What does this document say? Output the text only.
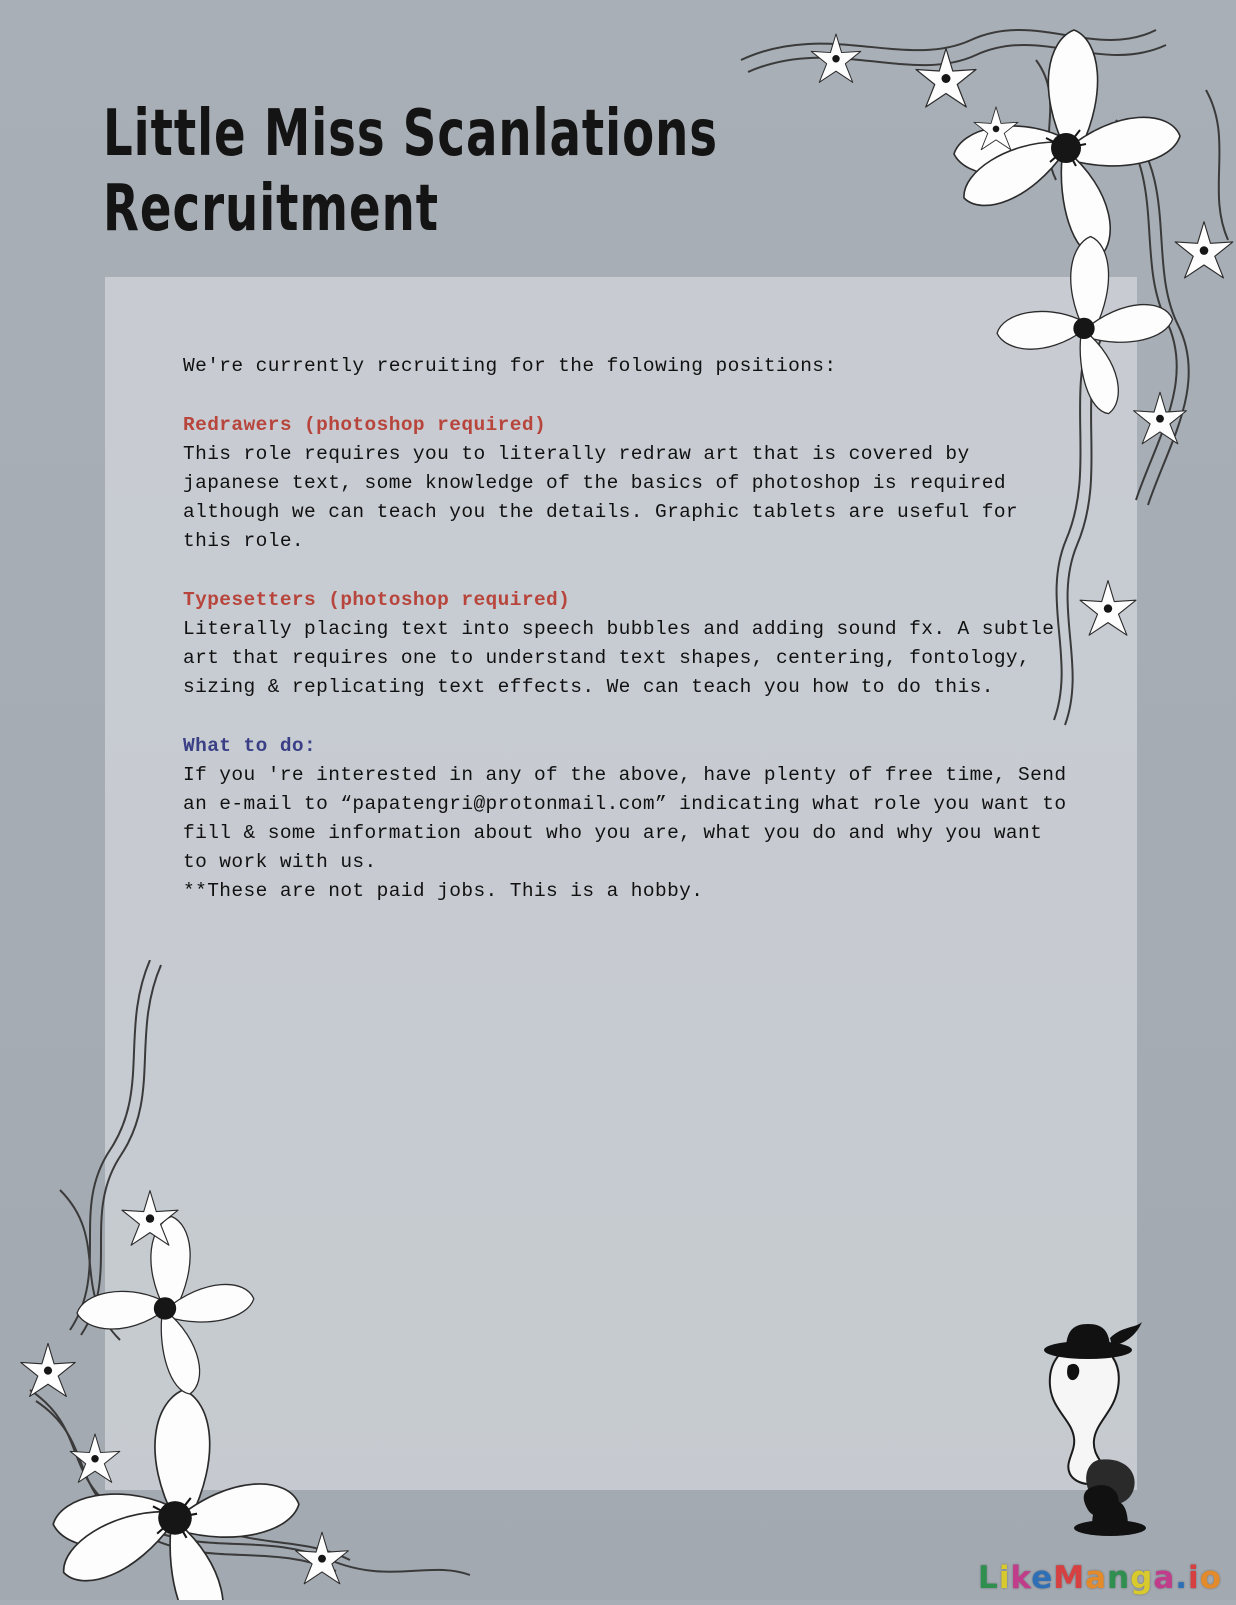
Little Miss Scanlations
Recruitment

We're currently recruiting for the folowing positions:

Redrawers (photoshop required)

This role requires you to literally redraw art that is covered by japanese text, some knowledge of the basics of photoshop is required although we can teach you the details. Graphic tablets are useful for this role.

Typesetters (photoshop required)

Literally placing text into speech bubbles and adding sound fx. A subtle art that requires one to understand text shapes, centering, fontology, sizing & replicating text effects. We can teach you how to do this.

What to do:

If you 're interested in any of the above, have plenty of free time, Send an e-mail to “papatengri@protonmail.com” indicating what role you want to fill & some information about who you are, what you do and why you want to work with us.

**These are not paid jobs. This is a hobby.

LikeManga.io
